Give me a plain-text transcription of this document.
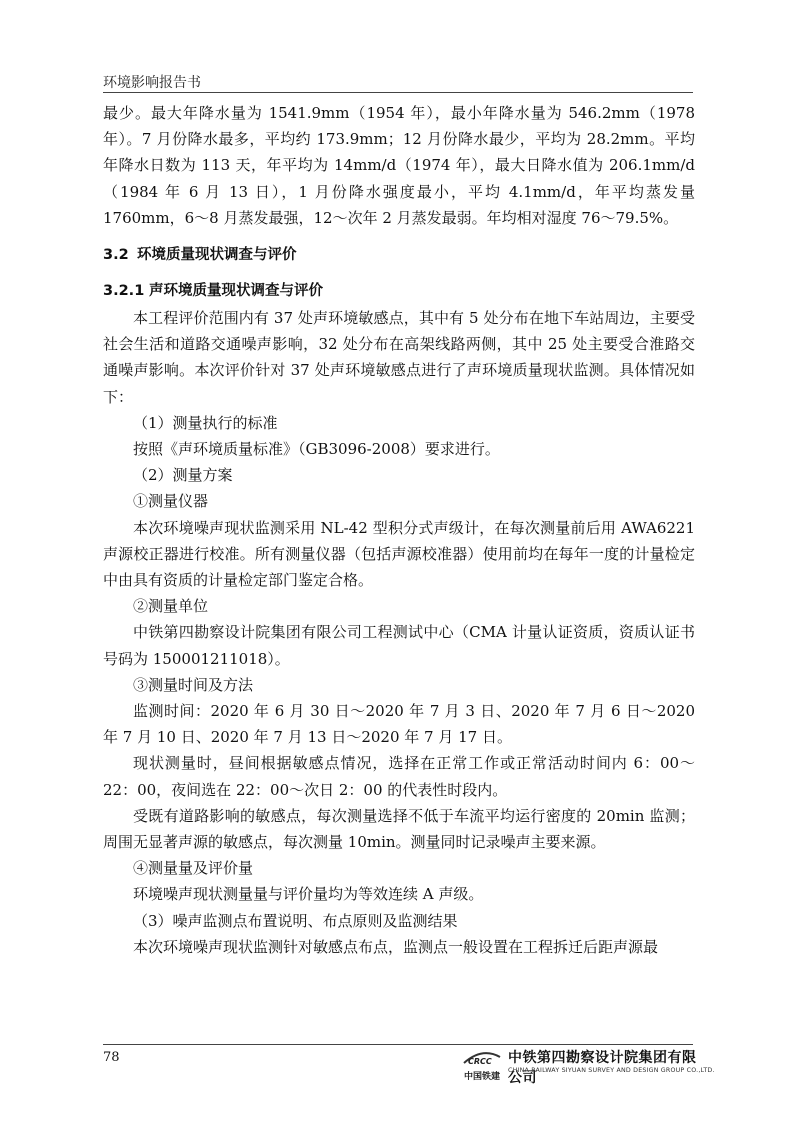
环境影响报告书

最少。最大年降水量为 1541.9mm（1954 年），最小年降水量为 546.2mm（1978 年）。7 月份降水最多，平均约 173.9mm；12 月份降水最少，平均为 28.2mm。平均年降水日数为 113 天，年平均为 14mm/d（1974 年），最大日降水值为 206.1mm/d（1984 年 6 月 13 日），1 月份降水强度最小，平均 4.1mm/d，年平均蒸发量 1760mm，6～8 月蒸发最强，12～次年 2 月蒸发最弱。年均相对湿度 76～79.5%。

3.2 环境质量现状调查与评价
3.2.1 声环境质量现状调查与评价

本工程评价范围内有 37 处声环境敏感点，其中有 5 处分布在地下车站周边，主要受社会生活和道路交通噪声影响，32 处分布在高架线路两侧，其中 25 处主要受合淮路交通噪声影响。本次评价针对 37 处声环境敏感点进行了声环境质量现状监测。具体情况如下：

（1）测量执行的标准

按照《声环境质量标准》（GB3096-2008）要求进行。

（2）测量方案

①测量仪器

本次环境噪声现状监测采用 NL-42 型积分式声级计，在每次测量前后用 AWA6221 声源校正器进行校准。所有测量仪器（包括声源校准器）使用前均在每年一度的计量检定中由具有资质的计量检定部门鉴定合格。

②测量单位

中铁第四勘察设计院集团有限公司工程测试中心（CMA 计量认证资质，资质认证书号码为 150001211018）。

③测量时间及方法

监测时间：2020 年 6 月 30 日～2020 年 7 月 3 日、2020 年 7 月 6 日～2020 年 7 月 10 日、2020 年 7 月 13 日～2020 年 7 月 17 日。

现状测量时，昼间根据敏感点情况，选择在正常工作或正常活动时间内 6：00～22：00，夜间选在 22：00～次日 2：00 的代表性时段内。

受既有道路影响的敏感点，每次测量选择不低于车流平均运行密度的 20min 监测；周围无显著声源的敏感点，每次测量 10min。测量同时记录噪声主要来源。

④测量量及评价量

环境噪声现状测量量与评价量均为等效连续 A 声级。

（3）噪声监测点布置说明、布点原则及监测结果

本次环境噪声现状监测针对敏感点布点，监测点一般设置在工程拆迁后距声源最

78	CRCC
中国铁建
中铁第四勘察设计院集团有限公司
CHINA RAILWAY SIYUAN SURVEY AND DESIGN GROUP CO.,LTD.
